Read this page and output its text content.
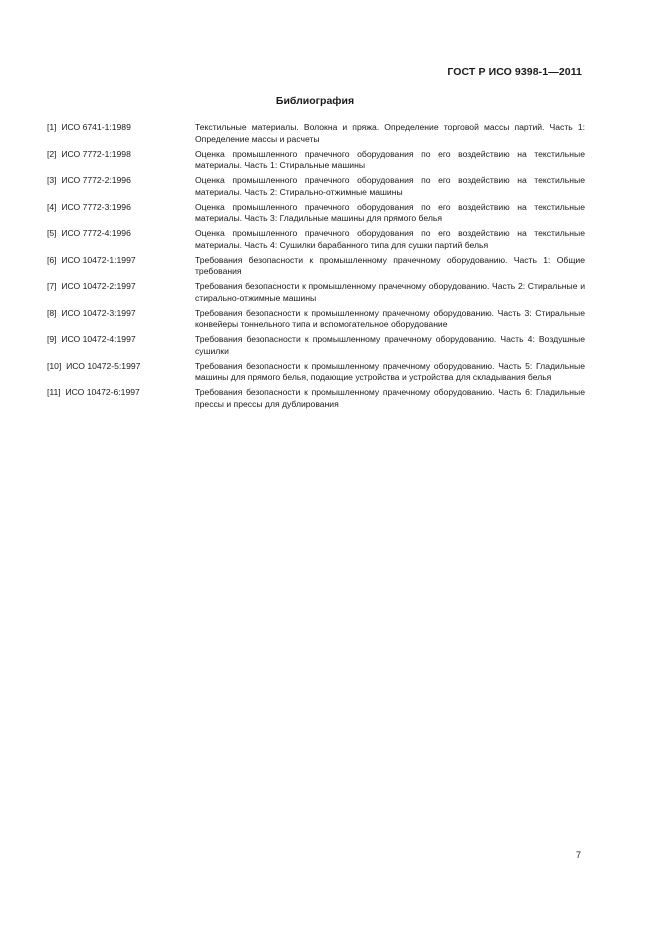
ГОСТ Р ИСО 9398-1—2011
Библиография
[1]  ИСО 6741-1:1989	Текстильные материалы. Волокна и пряжа. Определение торговой массы партий. Часть 1: Определение массы и расчеты
[2]  ИСО 7772-1:1998	Оценка промышленного прачечного оборудования по его воздействию на текстильные материалы. Часть 1: Стиральные машины
[3]  ИСО 7772-2:1996	Оценка промышленного прачечного оборудования по его воздействию на текстильные материалы. Часть 2: Стирально-отжимные машины
[4]  ИСО 7772-3:1996	Оценка промышленного прачечного оборудования по его воздействию на текстильные материалы. Часть 3: Гладильные машины для прямого белья
[5]  ИСО 7772-4:1996	Оценка промышленного прачечного оборудования по его воздействию на текстильные материалы. Часть 4: Сушилки барабанного типа для сушки партий белья
[6]  ИСО 10472-1:1997	Требования безопасности к промышленному прачечному оборудованию. Часть 1: Общие требования
[7]  ИСО 10472-2:1997	Требования безопасности к промышленному прачечному оборудованию. Часть 2: Стиральные и стирально-отжимные машины
[8]  ИСО 10472-3:1997	Требования безопасности к промышленному прачечному оборудованию. Часть 3: Стиральные конвейеры тоннельного типа и вспомогательное оборудование
[9]  ИСО 10472-4:1997	Требования безопасности к промышленному прачечному оборудованию. Часть 4: Воздушные сушилки
[10]  ИСО 10472-5:1997	Требования безопасности к промышленному прачечному оборудованию. Часть 5: Гладильные машины для прямого белья, подающие устройства и устройства для складывания белья
[11]  ИСО 10472-6:1997	Требования безопасности к промышленному прачечному оборудованию. Часть 6: Гладильные прессы и прессы для дублирования
7
